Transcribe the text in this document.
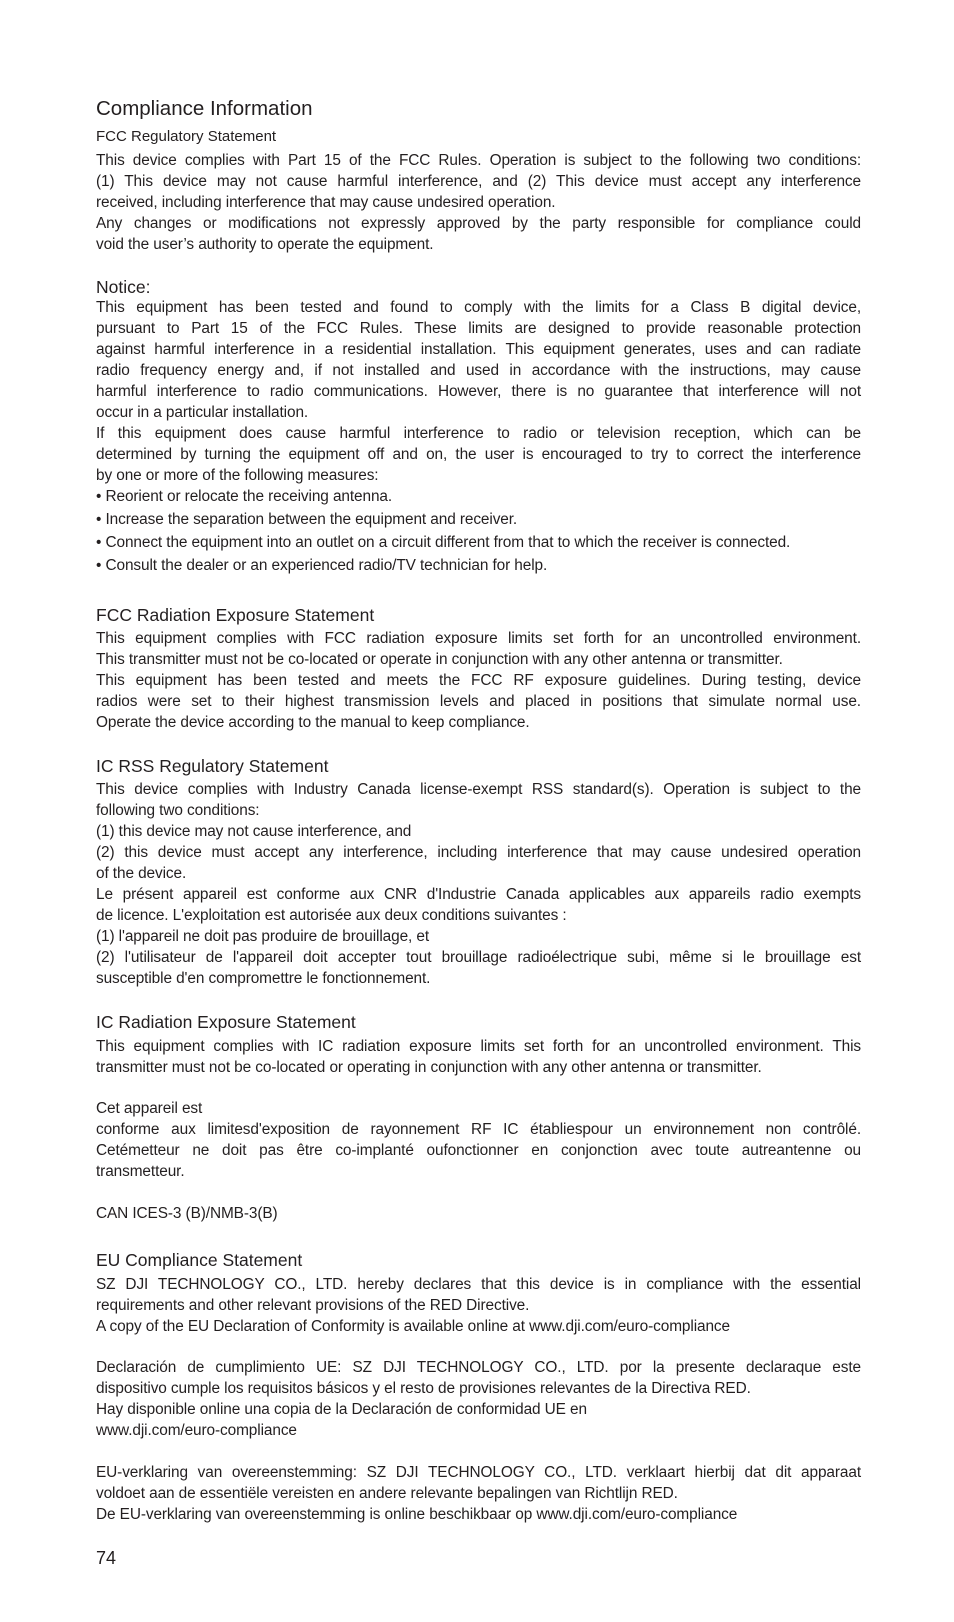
Compliance Information
FCC Regulatory Statement
This device complies with Part 15 of the FCC Rules. Operation is subject to the following two conditions:
(1) This device may not cause harmful interference, and (2) This device must accept any interference
received, including interference that may cause undesired operation.
Any changes or modifications not expressly approved by the party responsible for compliance could
void the user’s authority to operate the equipment.
Notice:
This equipment has been tested and found to comply with the limits for a Class B digital device,
pursuant to Part 15 of the FCC Rules. These limits are designed to provide reasonable protection
against harmful interference in a residential installation. This equipment generates, uses and can radiate
radio frequency energy and, if not installed and used in accordance with the instructions, may cause
harmful interference to radio communications. However, there is no guarantee that interference will not
occur in a particular installation.
If this equipment does cause harmful interference to radio or television reception, which can be
determined by turning the equipment off and on, the user is encouraged to try to correct the interference
by one or more of the following measures:
• Reorient or relocate the receiving antenna.
• Increase the separation between the equipment and receiver.
• Connect the equipment into an outlet on a circuit different from that to which the receiver is connected.
• Consult the dealer or an experienced radio/TV technician for help.
FCC Radiation Exposure Statement
This equipment complies with FCC radiation exposure limits set forth for an uncontrolled environment.
This transmitter must not be co-located or operate in conjunction with any other antenna or transmitter.
This equipment has been tested and meets the FCC RF exposure guidelines. During testing, device
radios were set to their highest transmission levels and placed in positions that simulate normal use.
Operate the device according to the manual to keep compliance.
IC RSS Regulatory Statement
This device complies with Industry Canada license-exempt RSS standard(s). Operation is subject to the
following two conditions:
(1) this device may not cause interference, and
(2) this device must accept any interference, including interference that may cause undesired operation
of the device.
Le présent appareil est conforme aux CNR d'Industrie Canada applicables aux appareils radio exempts
de licence. L'exploitation est autorisée aux deux conditions suivantes :
(1) l'appareil ne doit pas produire de brouillage, et
(2) l'utilisateur de l'appareil doit accepter tout brouillage radioélectrique subi, même si le brouillage est
susceptible d'en compromettre le fonctionnement.
IC Radiation Exposure Statement
This equipment complies with IC radiation exposure limits set forth for an uncontrolled environment. This
transmitter must not be co-located or operating in conjunction with any other antenna or transmitter.
Cet appareil est
conforme aux limitesd'exposition de rayonnement RF IC établiespour un environnement non contrôlé.
Cetémetteur ne doit pas être co-implanté oufonctionner en conjonction avec toute autreantenne ou
transmetteur.
CAN ICES-3 (B)/NMB-3(B)
EU Compliance Statement
SZ DJI TECHNOLOGY CO., LTD. hereby declares that this device is in compliance with the essential
requirements and other relevant provisions of the RED Directive.
A copy of the EU Declaration of Conformity is available online at www.dji.com/euro-compliance
Declaración de cumplimiento UE: SZ DJI TECHNOLOGY CO., LTD. por la presente declaraque este
dispositivo cumple los requisitos básicos y el resto de provisiones relevantes de la Directiva RED.
Hay disponible online una copia de la Declaración de conformidad UE en
www.dji.com/euro-compliance
EU-verklaring van overeenstemming: SZ DJI TECHNOLOGY CO., LTD. verklaart hierbij dat dit apparaat
voldoet aan de essentiële vereisten en andere relevante bepalingen van Richtlijn RED.
De EU-verklaring van overeenstemming is online beschikbaar op www.dji.com/euro-compliance
74
